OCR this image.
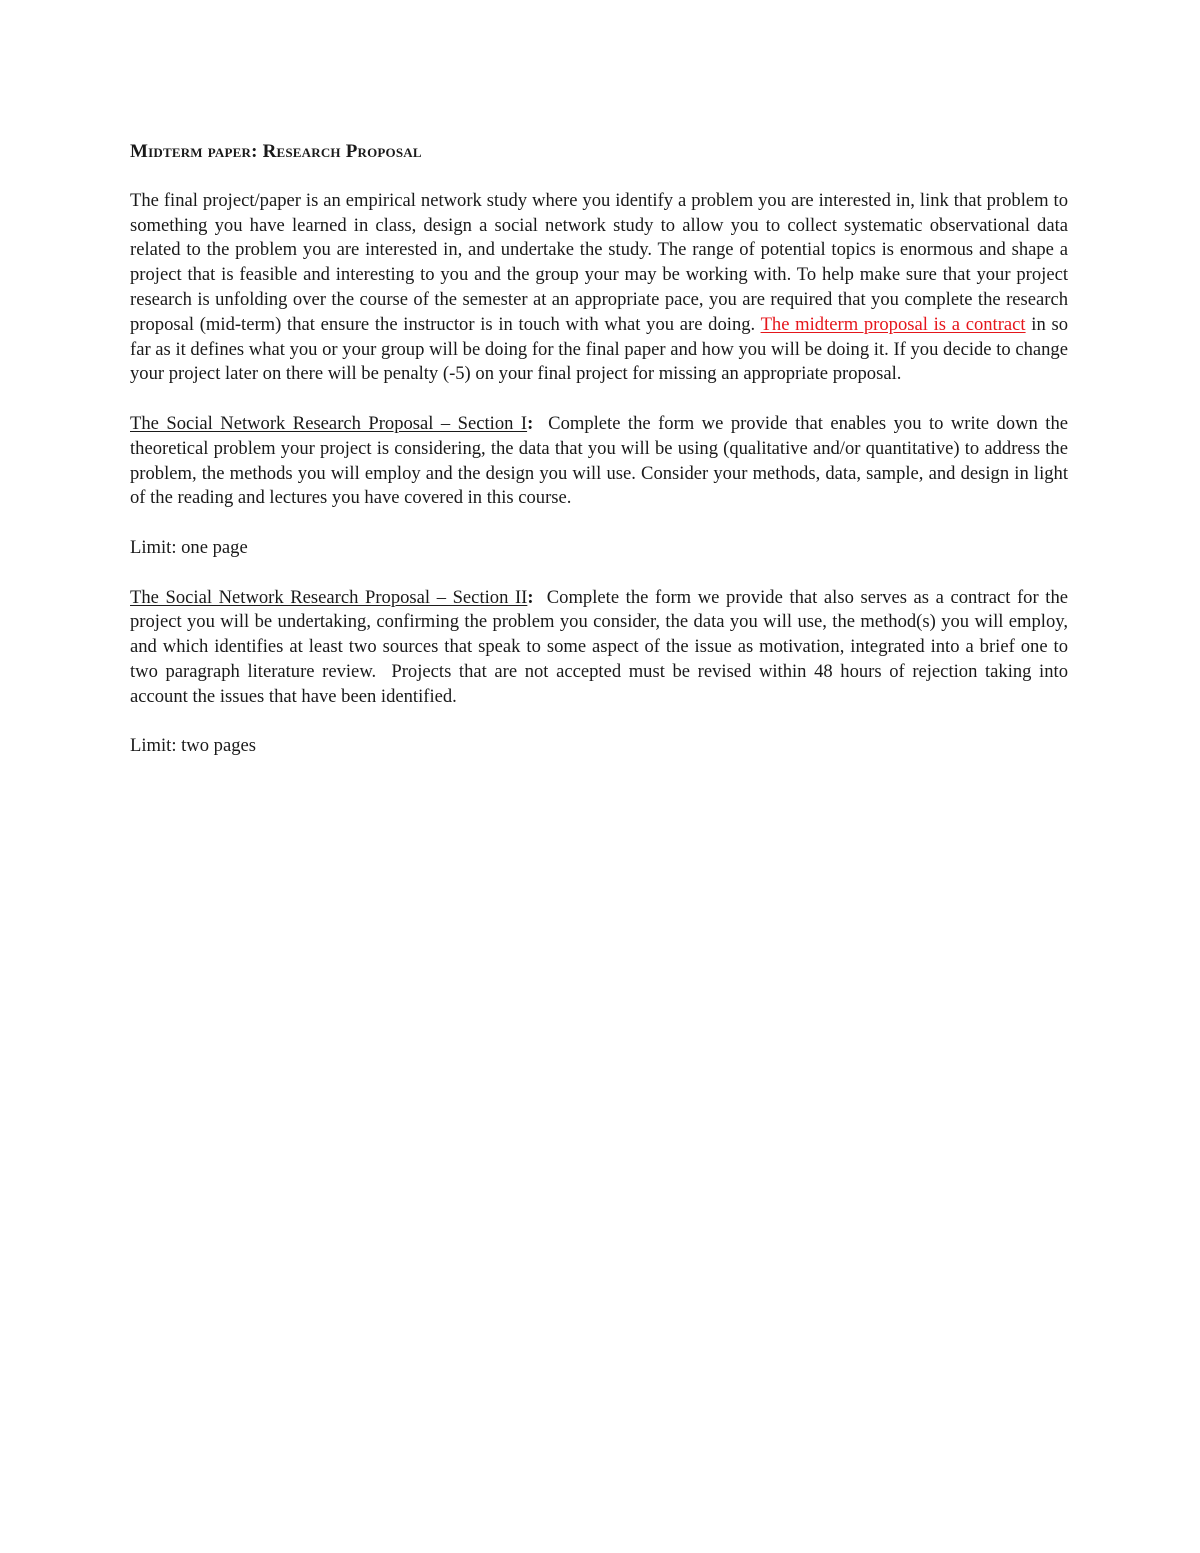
Midterm paper: Research Proposal

The final project/paper is an empirical network study where you identify a problem you are interested in, link that problem to something you have learned in class, design a social network study to allow you to collect systematic observational data related to the problem you are interested in, and undertake the study. The range of potential topics is enormous and shape a project that is feasible and interesting to you and the group your may be working with. To help make sure that your project research is unfolding over the course of the semester at an appropriate pace, you are required that you complete the research proposal (mid-term) that ensure the instructor is in touch with what you are doing. The midterm proposal is a contract in so far as it defines what you or your group will be doing for the final paper and how you will be doing it. If you decide to change your project later on there will be penalty (-5) on your final project for missing an appropriate proposal.

The Social Network Research Proposal – Section I:  Complete the form we provide that enables you to write down the theoretical problem your project is considering, the data that you will be using (qualitative and/or quantitative) to address the problem, the methods you will employ and the design you will use. Consider your methods, data, sample, and design in light of the reading and lectures you have covered in this course.

Limit: one page

The Social Network Research Proposal – Section II:  Complete the form we provide that also serves as a contract for the project you will be undertaking, confirming the problem you consider, the data you will use, the method(s) you will employ, and which identifies at least two sources that speak to some aspect of the issue as motivation, integrated into a brief one to two paragraph literature review.  Projects that are not accepted must be revised within 48 hours of rejection taking into account the issues that have been identified.

Limit: two pages
